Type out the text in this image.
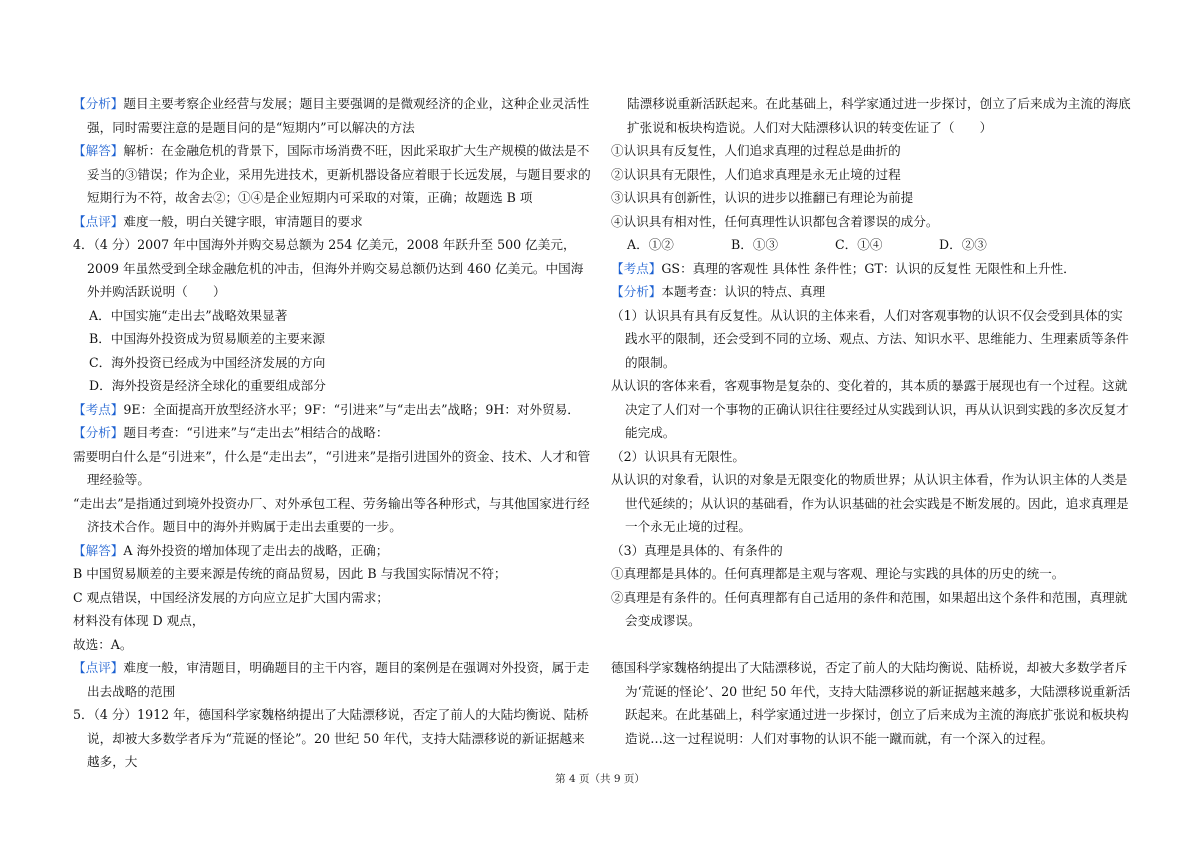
【分析】题目主要考察企业经营与发展；题目主要强调的是微观经济的企业，这种企业灵活性强，同时需要注意的是题目问的是“短期内”可以解决的方法

【解答】解析：在金融危机的背景下，国际市场消费不旺，因此采取扩大生产规模的做法是不妥当的③错误；作为企业，采用先进技术，更新机器设备应着眼于长远发展，与题目要求的短期行为不符，故舍去②；①④是企业短期内可采取的对策，正确；故题选 B 项

【点评】难度一般，明白关键字眼，审清题目的要求

4．（4 分）2007 年中国海外并购交易总额为 254 亿美元，2008 年跃升至 500 亿美元，2009 年虽然受到全球金融危机的冲击，但海外并购交易总额仍达到 460 亿美元。中国海外并购活跃说明（　　）

A．中国实施“走出去”战略效果显著

B．中国海外投资成为贸易顺差的主要来源

C．海外投资已经成为中国经济发展的方向

D．海外投资是经济全球化的重要组成部分

【考点】9E：全面提高开放型经济水平；9F：“引进来”与“走出去”战略；9H：对外贸易．

【分析】题目考查：“引进来”与“走出去”相结合的战略：

需要明白什么是“引进来”，什么是“走出去”，“引进来”是指引进国外的资金、技术、人才和管理经验等。

“走出去”是指通过到境外投资办厂、对外承包工程、劳务输出等各种形式，与其他国家进行经济技术合作。题目中的海外并购属于走出去重要的一步。

【解答】A 海外投资的增加体现了走出去的战略，正确；

B 中国贸易顺差的主要来源是传统的商品贸易，因此 B 与我国实际情况不符；

C 观点错误，中国经济发展的方向应立足扩大国内需求；

材料没有体现 D 观点，

故选：A。

【点评】难度一般，审清题目，明确题目的主干内容，题目的案例是在强调对外投资，属于走出去战略的范围

5．（4 分）1912 年，德国科学家魏格纳提出了大陆漂移说，否定了前人的大陆均衡说、陆桥说，却被大多数学者斥为“荒诞的怪论”。20 世纪 50 年代，支持大陆漂移说的新证据越来越多，大

陆漂移说重新活跃起来。在此基础上，科学家通过进一步探讨，创立了后来成为主流的海底扩张说和板块构造说。人们对大陆漂移认识的转变佐证了（　　）

①认识具有反复性，人们追求真理的过程总是曲折的

②认识具有无限性，人们追求真理是永无止境的过程

③认识具有创新性，认识的进步以推翻已有理论为前提

④认识具有相对性，任何真理性认识都包含着谬误的成分。

A．①②	B．①③	C．①④	D．②③

【考点】GS：真理的客观性 具体性 条件性；GT：认识的反复性 无限性和上升性．

【分析】本题考查：认识的特点、真理

（1）认识具有具有反复性。从认识的主体来看，人们对客观事物的认识不仅会受到具体的实践水平的限制，还会受到不同的立场、观点、方法、知识水平、思维能力、生理素质等条件的限制。

从认识的客体来看，客观事物是复杂的、变化着的，其本质的暴露于展现也有一个过程。这就决定了人们对一个事物的正确认识往往要经过从实践到认识，再从认识到实践的多次反复才能完成。

（2）认识具有无限性。

从认识的对象看，认识的对象是无限变化的物质世界；从认识主体看，作为认识主体的人类是世代延续的；从认识的基础看，作为认识基础的社会实践是不断发展的。因此，追求真理是一个永无止境的过程。

（3）真理是具体的、有条件的

①真理都是具体的。任何真理都是主观与客观、理论与实践的具体的历史的统一。

②真理是有条件的。任何真理都有自己适用的条件和范围，如果超出这个条件和范围，真理就会变成谬误。

德国科学家魏格纳提出了大陆漂移说，否定了前人的大陆均衡说、陆桥说，却被大多数学者斥为‘荒诞的怪论’、20 世纪 50 年代，支持大陆漂移说的新证据越来越多，大陆漂移说重新活跃起来。在此基础上，科学家通过进一步探讨，创立了后来成为主流的海底扩张说和板块构造说…这一过程说明：人们对事物的认识不能一蹴而就，有一个深入的过程。

第 4 页（共 9 页）
